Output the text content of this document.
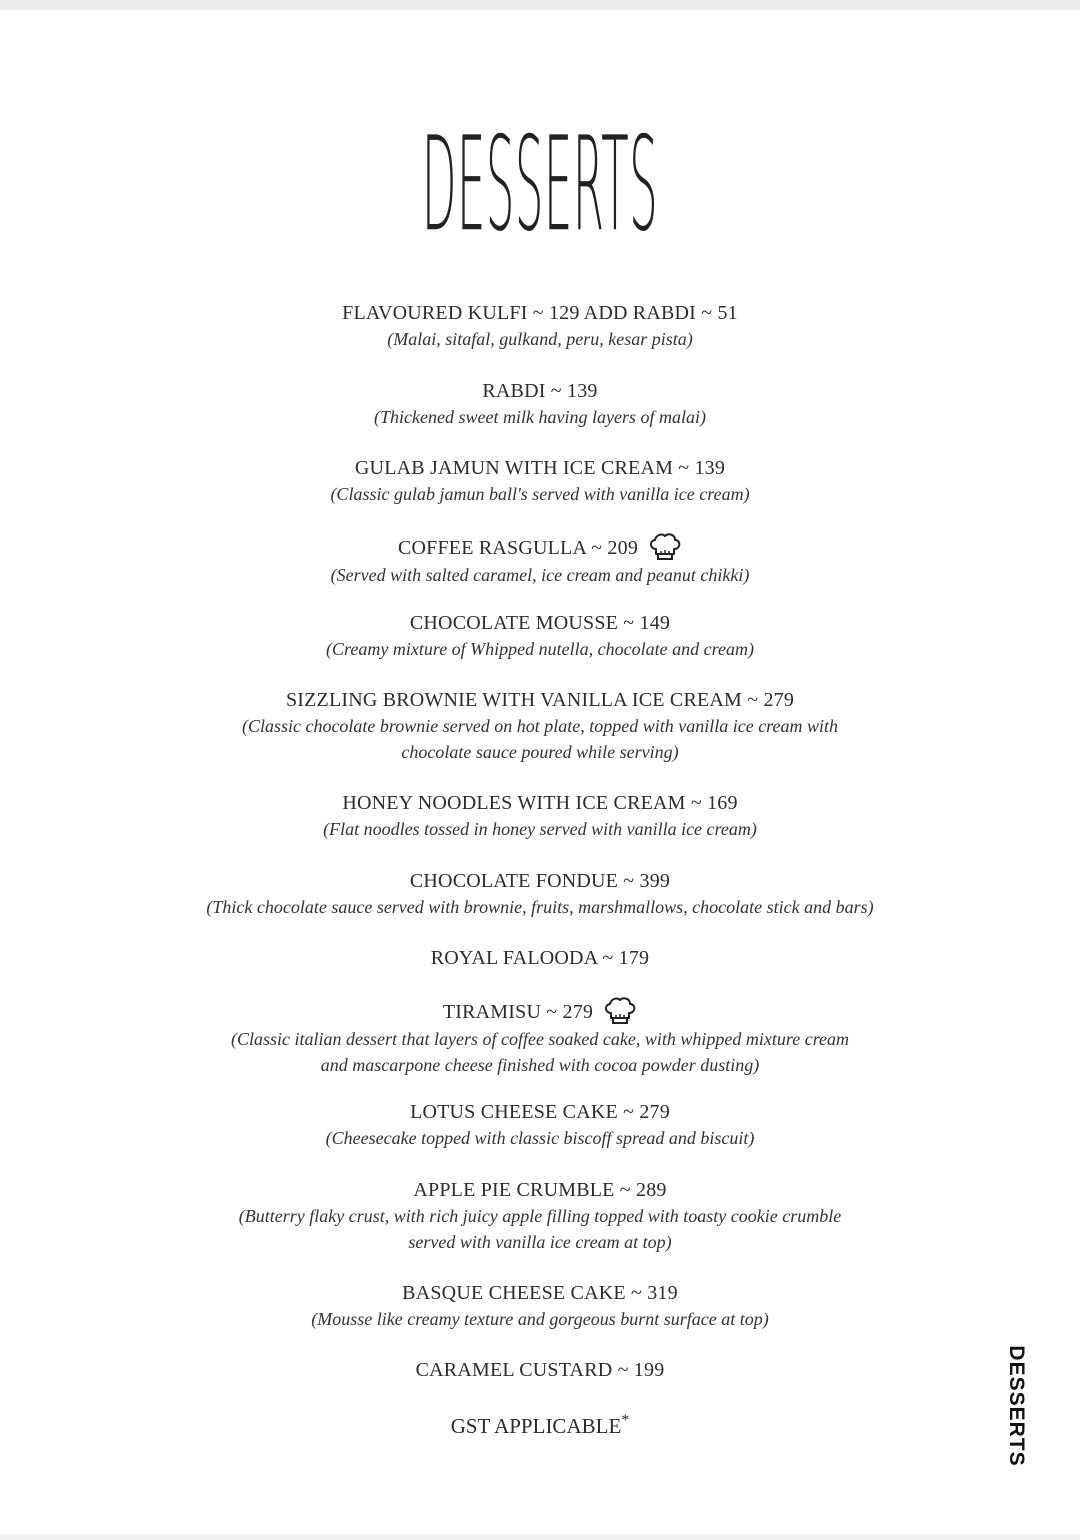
DESSERTS
FLAVOURED KULFI ~ 129 ADD RABDI ~ 51
(Malai, sitafal, gulkand, peru, kesar pista)
RABDI ~ 139
(Thickened sweet milk having layers of malai)
GULAB JAMUN WITH ICE CREAM ~ 139
(Classic gulab jamun ball's served with vanilla ice cream)
COFFEE RASGULLA ~ 209
(Served with salted caramel, ice cream and peanut chikki)
CHOCOLATE MOUSSE ~ 149
(Creamy mixture of Whipped nutella, chocolate and cream)
SIZZLING BROWNIE WITH VANILLA ICE CREAM ~ 279
(Classic chocolate brownie served on hot plate, topped with vanilla ice cream with
chocolate sauce poured while serving)
HONEY NOODLES WITH ICE CREAM ~ 169
(Flat noodles tossed in honey served with vanilla ice cream)
CHOCOLATE FONDUE ~ 399
(Thick chocolate sauce served with brownie, fruits, marshmallows, chocolate stick and bars)
ROYAL FALOODA ~ 179
TIRAMISU ~ 279
(Classic italian dessert that layers of coffee soaked cake, with whipped mixture cream
and mascarpone cheese finished with cocoa powder dusting)
LOTUS CHEESE CAKE ~ 279
(Cheesecake topped with classic biscoff spread and biscuit)
APPLE PIE CRUMBLE ~ 289
(Butterry flaky crust, with rich juicy apple filling topped with toasty cookie crumble
served with vanilla ice cream at top)
BASQUE CHEESE CAKE ~ 319
(Mousse like creamy texture and gorgeous burnt surface at top)
CARAMEL CUSTARD ~ 199
GST APPLICABLE*	DESSERTS
